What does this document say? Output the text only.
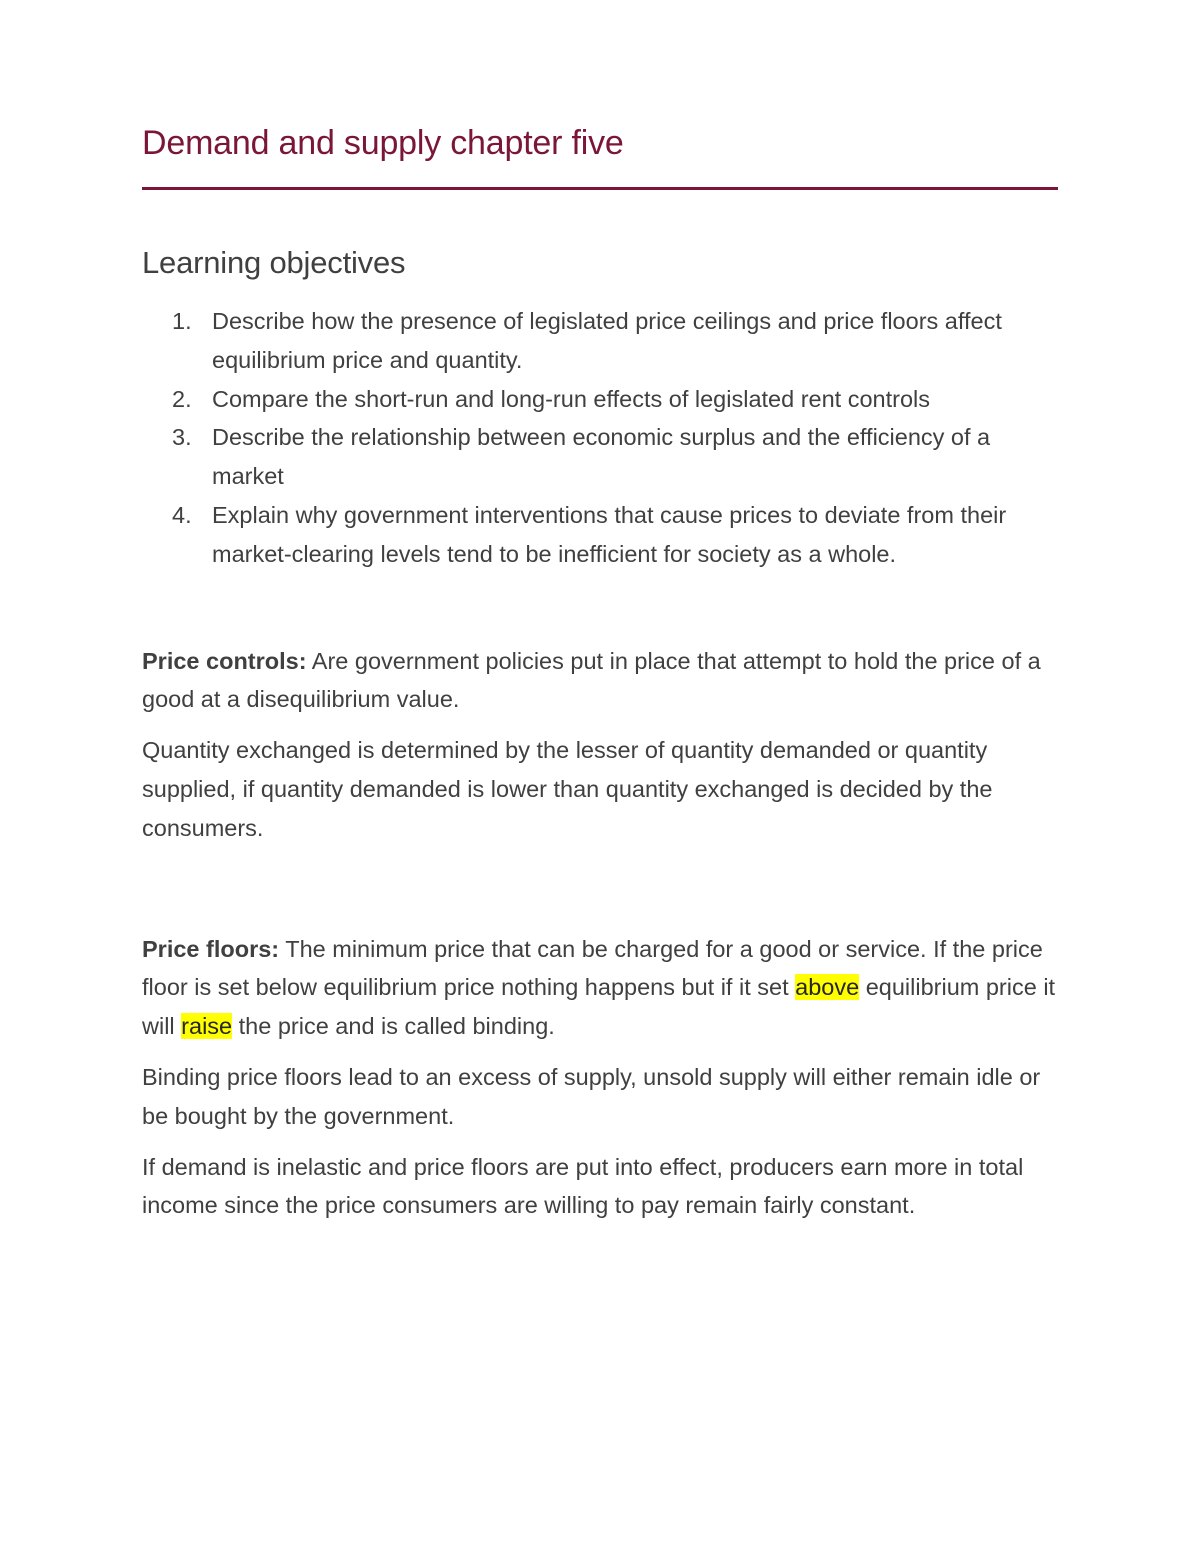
Demand and supply chapter five
Learning objectives
Describe how the presence of legislated price ceilings and price floors affect equilibrium price and quantity.
Compare the short-run and long-run effects of legislated rent controls
Describe the relationship between economic surplus and the efficiency of a market
Explain why government interventions that cause prices to deviate from their market-clearing levels tend to be inefficient for society as a whole.

Price controls: Are government policies put in place that attempt to hold the price of a good at a disequilibrium value.

Quantity exchanged is determined by the lesser of quantity demanded or quantity supplied, if quantity demanded is lower than quantity exchanged is decided by the consumers.

Price floors: The minimum price that can be charged for a good or service. If the price floor is set below equilibrium price nothing happens but if it set above equilibrium price it will raise the price and is called binding.

Binding price floors lead to an excess of supply, unsold supply will either remain idle or be bought by the government.

If demand is inelastic and price floors are put into effect, producers earn more in total income since the price consumers are willing to pay remain fairly constant.
